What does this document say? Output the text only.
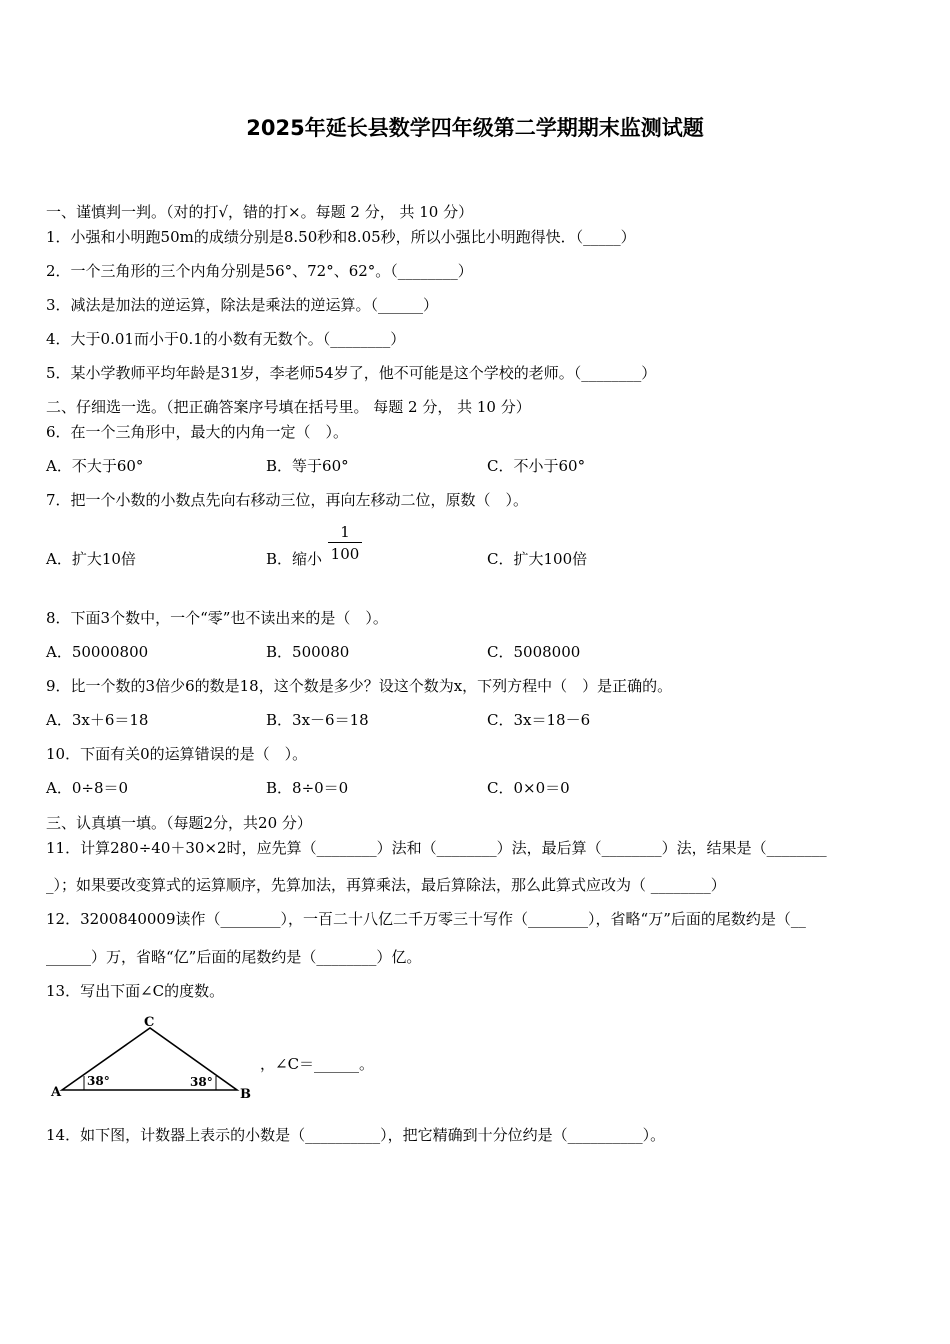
2025年延长县数学四年级第二学期期末监测试题
一、谨慎判一判。（对的打√，错的打×。每题 2 分， 共 10 分）
1．小强和小明跑50m的成绩分别是8.50秒和8.05秒，所以小强比小明跑得快．（_____）
2．一个三角形的三个内角分别是56°、72°、62°。（________）
3．减法是加法的逆运算，除法是乘法的逆运算。（______）
4．大于0.01而小于0.1的小数有无数个。（________）
5．某小学教师平均年龄是31岁，李老师54岁了，他不可能是这个学校的老师。（________）
二、仔细选一选。（把正确答案序号填在括号里。 每题 2 分， 共 10 分）
6．在一个三角形中，最大的内角一定（　）。
A．不大于60°	B．等于60°	C．不小于60°
7．把一个小数的小数点先向右移动三位，再向左移动二位，原数（　）。
A．扩大10倍	B．缩小
1
100	C．扩大100倍
8．下面3个数中，一个“零”也不读出来的是（　）。
A．50000800	B．500080	C．5008000
9．比一个数的3倍少6的数是18，这个数是多少？设这个数为x，下列方程中（　）是正确的。
A．3x＋6＝18	B．3x－6＝18	C．3x＝18－6
10．下面有关0的运算错误的是（　）。
A．0÷8＝0	B．8÷0＝0	C．0×0＝0
三、认真填一填。（每题2分，共20 分）
11．计算280÷40＋30×2时，应先算（________）法和（________）法，最后算（________）法，结果是（________
_）；如果要改变算式的运算顺序，先算加法，再算乘法，最后算除法，那么此算式应改为（ ________）
12．3200840009读作（________），一百二十八亿二千万零三十写作（________），省略“万”后面的尾数约是（__
______）万，省略“亿”后面的尾数约是（________）亿。
13．写出下面∠C的度数。
C
A	B
38°	38°
，∠C＝______。
14．如下图，计数器上表示的小数是（__________），把它精确到十分位约是（__________）。
